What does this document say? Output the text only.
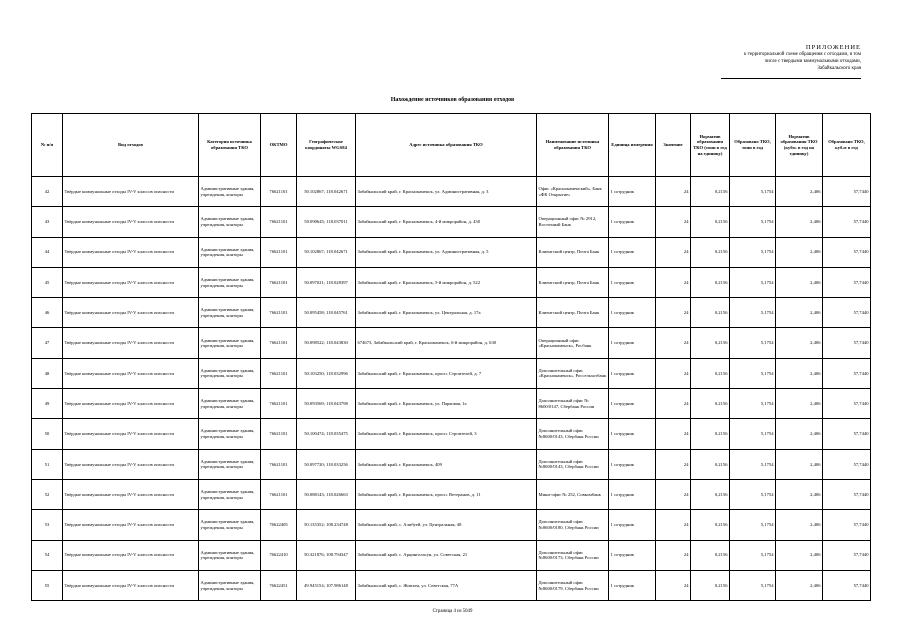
ПРИЛОЖЕНИЕ
к территориальной схеме обращения с отходами, в том
числе с твердыми коммунальными отходами,
Забайкальского края
Нахождение источников образования отходов
№ п/п	Вид отходов	Категория источника образования ТКО	ОКТМО	Географические координаты WGS84	Адрес источника образования ТКО	Наименование источника образования ТКО	Единица измерения	Значение	Норматив образования ТКО (тонн в год на единицу)	Образовано ТКО, тонн в год	Норматив образования ТКО (кубм. в год на единицу)	Образовано ТКО, куб.м в год
42	Твёрдые коммунальные отходы IV-V классов опасности	Административные здания, учреждения, конторы	76621101	50.102867; 118.042671	Забайкальский край, г. Краснокаменск, ул. Административная, д. 3	Офис «Краснокаменский», Банк «ФК Открытие»	1 сотрудник	24	0,2156	5,1754	2,406	57,7440
43	Твёрдые коммунальные отходы IV-V классов опасности	Административные здания, учреждения, конторы	76621101	50.090645; 118.037011	Забайкальский край, г. Краснокаменск, 4-й микрорайон, д. 430	Операционный офис № 2912, Восточный Банк	1 сотрудник	24	0,2156	5,1754	2,406	57,7440
44	Твёрдые коммунальные отходы IV-V классов опасности	Административные здания, учреждения, конторы	76621101	50.102867; 118.042671	Забайкальский край, г. Краснокаменск, ул. Административная, д. 5	Клиентский центр, Почта Банк	1 сотрудник	24	0,2156	5,1754	2,406	57,7440
45	Твёрдые коммунальные отходы IV-V классов опасности	Административные здания, учреждения, конторы	76621101	50.097021; 118.028397	Забайкальский край, г. Краснокаменск, 5-й микрорайон, д. 522	Клиентский центр, Почта Банк	1 сотрудник	24	0,2156	5,1754	2,406	57,7440
46	Твёрдые коммунальные отходы IV-V классов опасности	Административные здания, учреждения, конторы	76621101	50.095458; 118.045761	Забайкальский край, г. Краснокаменск, ул. Центральная, д. 17а	Клиентский центр, Почта Банк	1 сотрудник	24	0,2156	5,1754	2,406	57,7440
47	Твёрдые коммунальные отходы IV-V классов опасности	Административные здания, учреждения, конторы	76621101	50.098522; 118.043830	674673, Забайкальский край, г. Краснокаменск, 6-й микрорайон, д. 630	Операционный офис «Краснокаменск», Росбанк	1 сотрудник	24	0,2156	5,1754	2,406	57,7440
48	Твёрдые коммунальные отходы IV-V классов опасности	Административные здания, учреждения, конторы	76621101	50.103250; 118.032996	Забайкальский край, г. Краснокаменск, просп. Строителей, д. 7	Дополнительный офис «Краснокаменск», Россельхозбанк	1 сотрудник	24	0,2156	5,1754	2,406	57,7440
49	Твёрдые коммунальные отходы IV-V классов опасности	Административные здания, учреждения, конторы	76621101	50.093569; 118.043798	Забайкальский край, г. Краснокаменск, ул. Парковая, 1а	Дополнительный офис № 8600/0147, Сбербанк России	1 сотрудник	24	0,2156	5,1754	2,406	57,7440
50	Твёрдые коммунальные отходы IV-V классов опасности	Административные здания, учреждения, конторы	76621101	50.100474; 118.035475	Забайкальский край, г. Краснокаменск, просп. Строителей, 3	Дополнительный офис №8600/0143, Сбербанк России	1 сотрудник	24	0,2156	5,1754	2,406	57,7440
51	Твёрдые коммунальные отходы IV-V классов опасности	Административные здания, учреждения, конторы	76621101	50.097720; 118.033256	Забайкальский край, г. Краснокаменск, 409	Дополнительный офис №8600/0143, Сбербанк России	1 сотрудник	24	0,2156	5,1754	2,406	57,7440
52	Твёрдые коммунальные отходы IV-V классов опасности	Административные здания, учреждения, конторы	76621101	50.088143; 118.026663	Забайкальский край, г. Краснокаменск, просп. Ветеранов, д. 11	Мини-офис № 252, Совкомбанк	1 сотрудник	24	0,2156	5,1754	2,406	57,7440
53	Твёрдые коммунальные отходы IV-V классов опасности	Административные здания, учреждения, конторы	76622405	50.135352; 108.234748	Забайкальский край, с. Алибуей, ул. Центральная, 48	Дополнительный офис №8600/0180, Сбербанк России	1 сотрудник	24	0,2156	5,1754	2,406	57,7440
54	Твёрдые коммунальные отходы IV-V классов опасности	Административные здания, учреждения, конторы	76622410	50.321876; 108.794347	Забайкальский край, с. Арцинголасун, ул. Советская, 21	Дополнительный офис №8600/0173, Сбербанк России	1 сотрудник	24	0,2156	5,1754	2,406	57,7440
55	Твёрдые коммунальные отходы IV-V классов опасности	Административные здания, учреждения, конторы	76622451	49.945154; 107.986148	Забайкальский край, с. Жипхен, ул. Советская, 77А	Дополнительный офис №8600/0179, Сбербанк России	1 сотрудник	24	0,2156	5,1754	2,406	57,7440
Страница 4 из 5049
